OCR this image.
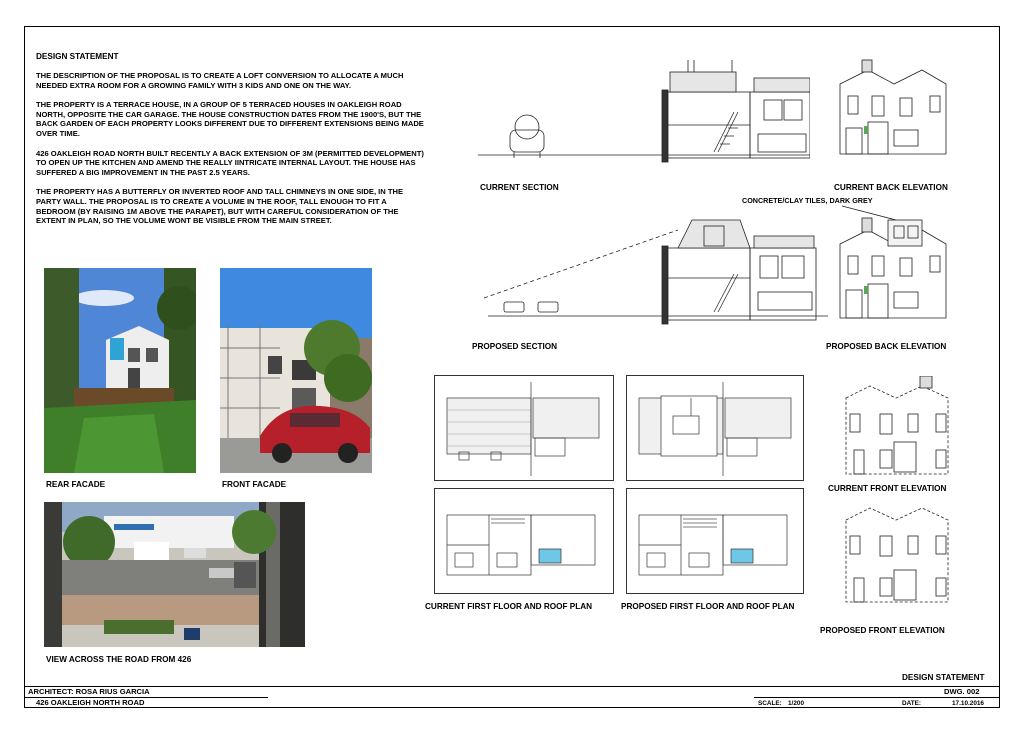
DESIGN STATEMENT

THE DESCRIPTION OF THE PROPOSAL IS TO CREATE A LOFT CONVERSION TO ALLOCATE A MUCH NEEDED EXTRA ROOM FOR A GROWING FAMILY WITH 3 KIDS AND ONE ON THE WAY.

THE PROPERTY IS A TERRACE HOUSE, IN A GROUP OF 5 TERRACED HOUSES IN OAKLEIGH ROAD NORTH, OPPOSITE THE CAR GARAGE. THE HOUSE CONSTRUCTION DATES FROM THE 1900'S, BUT THE BACK GARDEN OF EACH PROPERTY LOOKS DIFFERENT DUE TO DIFFERENT EXTENSIONS BEING MADE OVER TIME.

426 OAKLEIGH ROAD NORTH BUILT RECENTLY A BACK EXTENSION OF 3M (PERMITTED DEVELOPMENT) TO OPEN UP THE KITCHEN AND AMEND THE REALLY IINTRICATE INTERNAL LAYOUT. THE HOUSE HAS SUFFERED A BIG IMPROVEMENT IN THE PAST 2.5 YEARS.

THE PROPERTY HAS A BUTTERFLY OR INVERTED ROOF AND TALL CHIMNEYS IN ONE SIDE, IN THE PARTY WALL. THE PROPOSAL IS TO CREATE A VOLUME IN THE ROOF, TALL ENOUGH TO FIT A BEDROOM (BY RAISING 1M ABOVE THE PARAPET), BUT WITH CAREFUL CONSIDERATION OF THE EXTENT IN PLAN, SO THE VOLUME WONT BE VISIBLE FROM THE MAIN STREET.

REAR FACADE	FRONT FACADE
VIEW ACROSS THE ROAD FROM 426
CURRENT SECTION	CURRENT BACK ELEVATION
CONCRETE/CLAY TILES, DARK GREY
PROPOSED SECTION	PROPOSED BACK ELEVATION
CURRENT FIRST FLOOR AND ROOF PLAN	PROPOSED FIRST FLOOR AND ROOF PLAN
CURRENT FRONT ELEVATION
PROPOSED FRONT ELEVATION
DESIGN STATEMENT
ARCHITECT: ROSA RIUS GARCIA
426 OAKLEIGH NORTH ROAD
DWG. 002
SCALE: 1/200	DATE:	17.10.2016
